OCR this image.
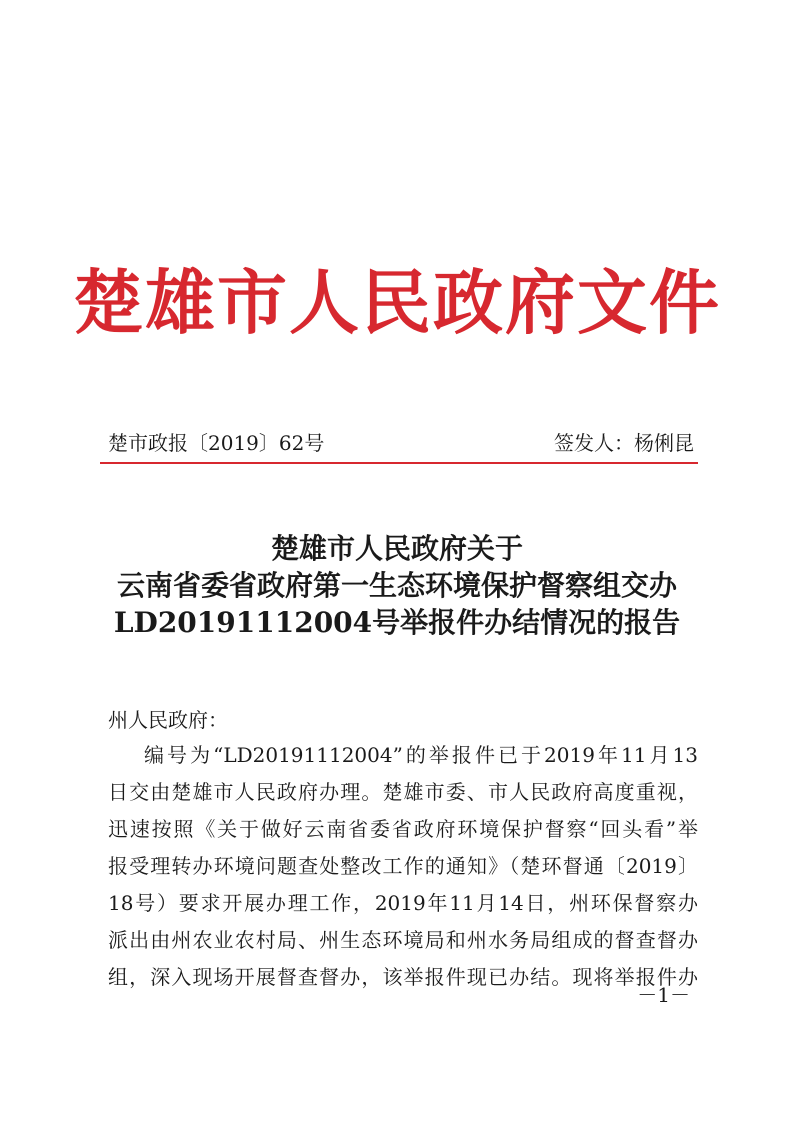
楚雄市人民政府文件
楚市政报〔2019〕62号	签发人：杨俐昆
楚雄市人民政府关于
云南省委省政府第一生态环境保护督察组交办
LD20191112004号举报件办结情况的报告
州人民政府：
编号为“LD20191112004”的举报件已于2019年11月13
日交由楚雄市人民政府办理。楚雄市委、市人民政府高度重视，
迅速按照《关于做好云南省委省政府环境保护督察“回头看”举
报受理转办环境问题查处整改工作的通知》（楚环督通〔2019〕
18号）要求开展办理工作，2019年11月14日，州环保督察办
派出由州农业农村局、州生态环境局和州水务局组成的督查督办
组，深入现场开展督查督办，该举报件现已办结。现将举报件办
－1－
